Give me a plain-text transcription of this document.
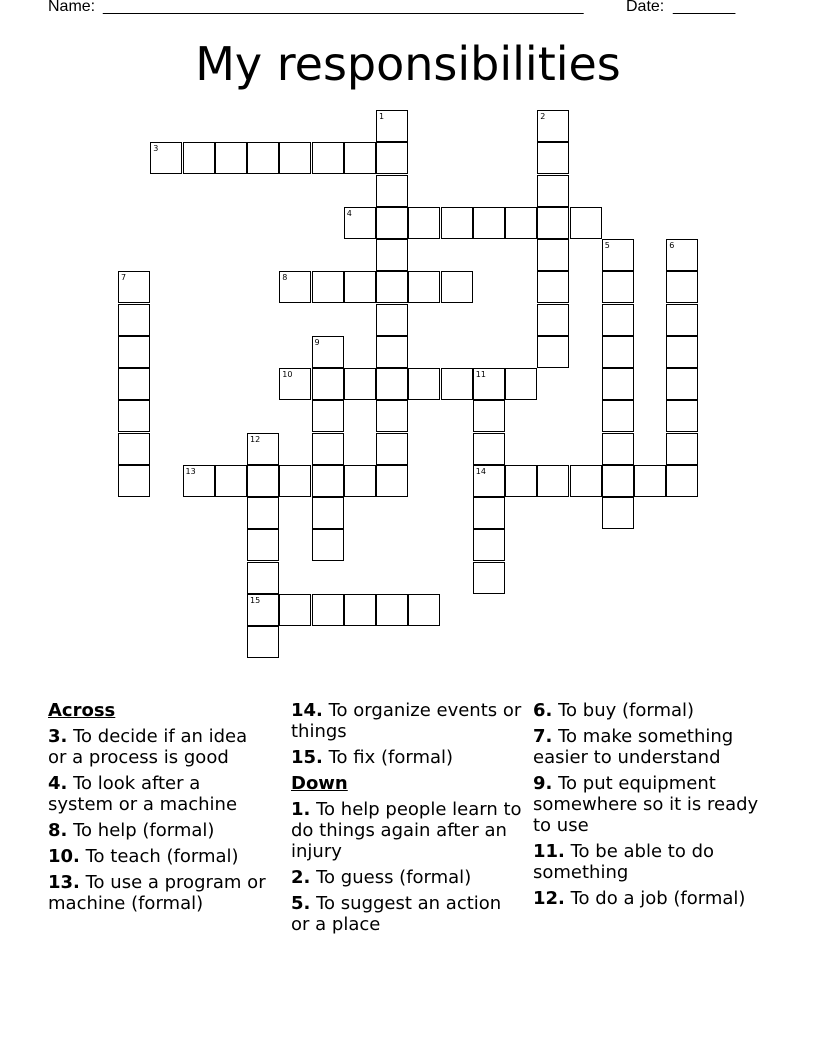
Name: ______________________________________________________	Date: _______
My responsibilities
1	2
3
4
5	6
7	8
9
10	11
14
12
15
13
Across
3. To decide if an idea or a process is good
4. To look after a system or a machine
8. To help (formal)
10. To teach (formal)
13. To use a program or machine (formal)
14. To organize events or things
15. To fix (formal)
Down
1. To help people learn to do things again after an injury
2. To guess (formal)
5. To suggest an action or a place
6. To buy (formal)
7. To make something easier to understand
9. To put equipment somewhere so it is ready to use
11. To be able to do something
12. To do a job (formal)
